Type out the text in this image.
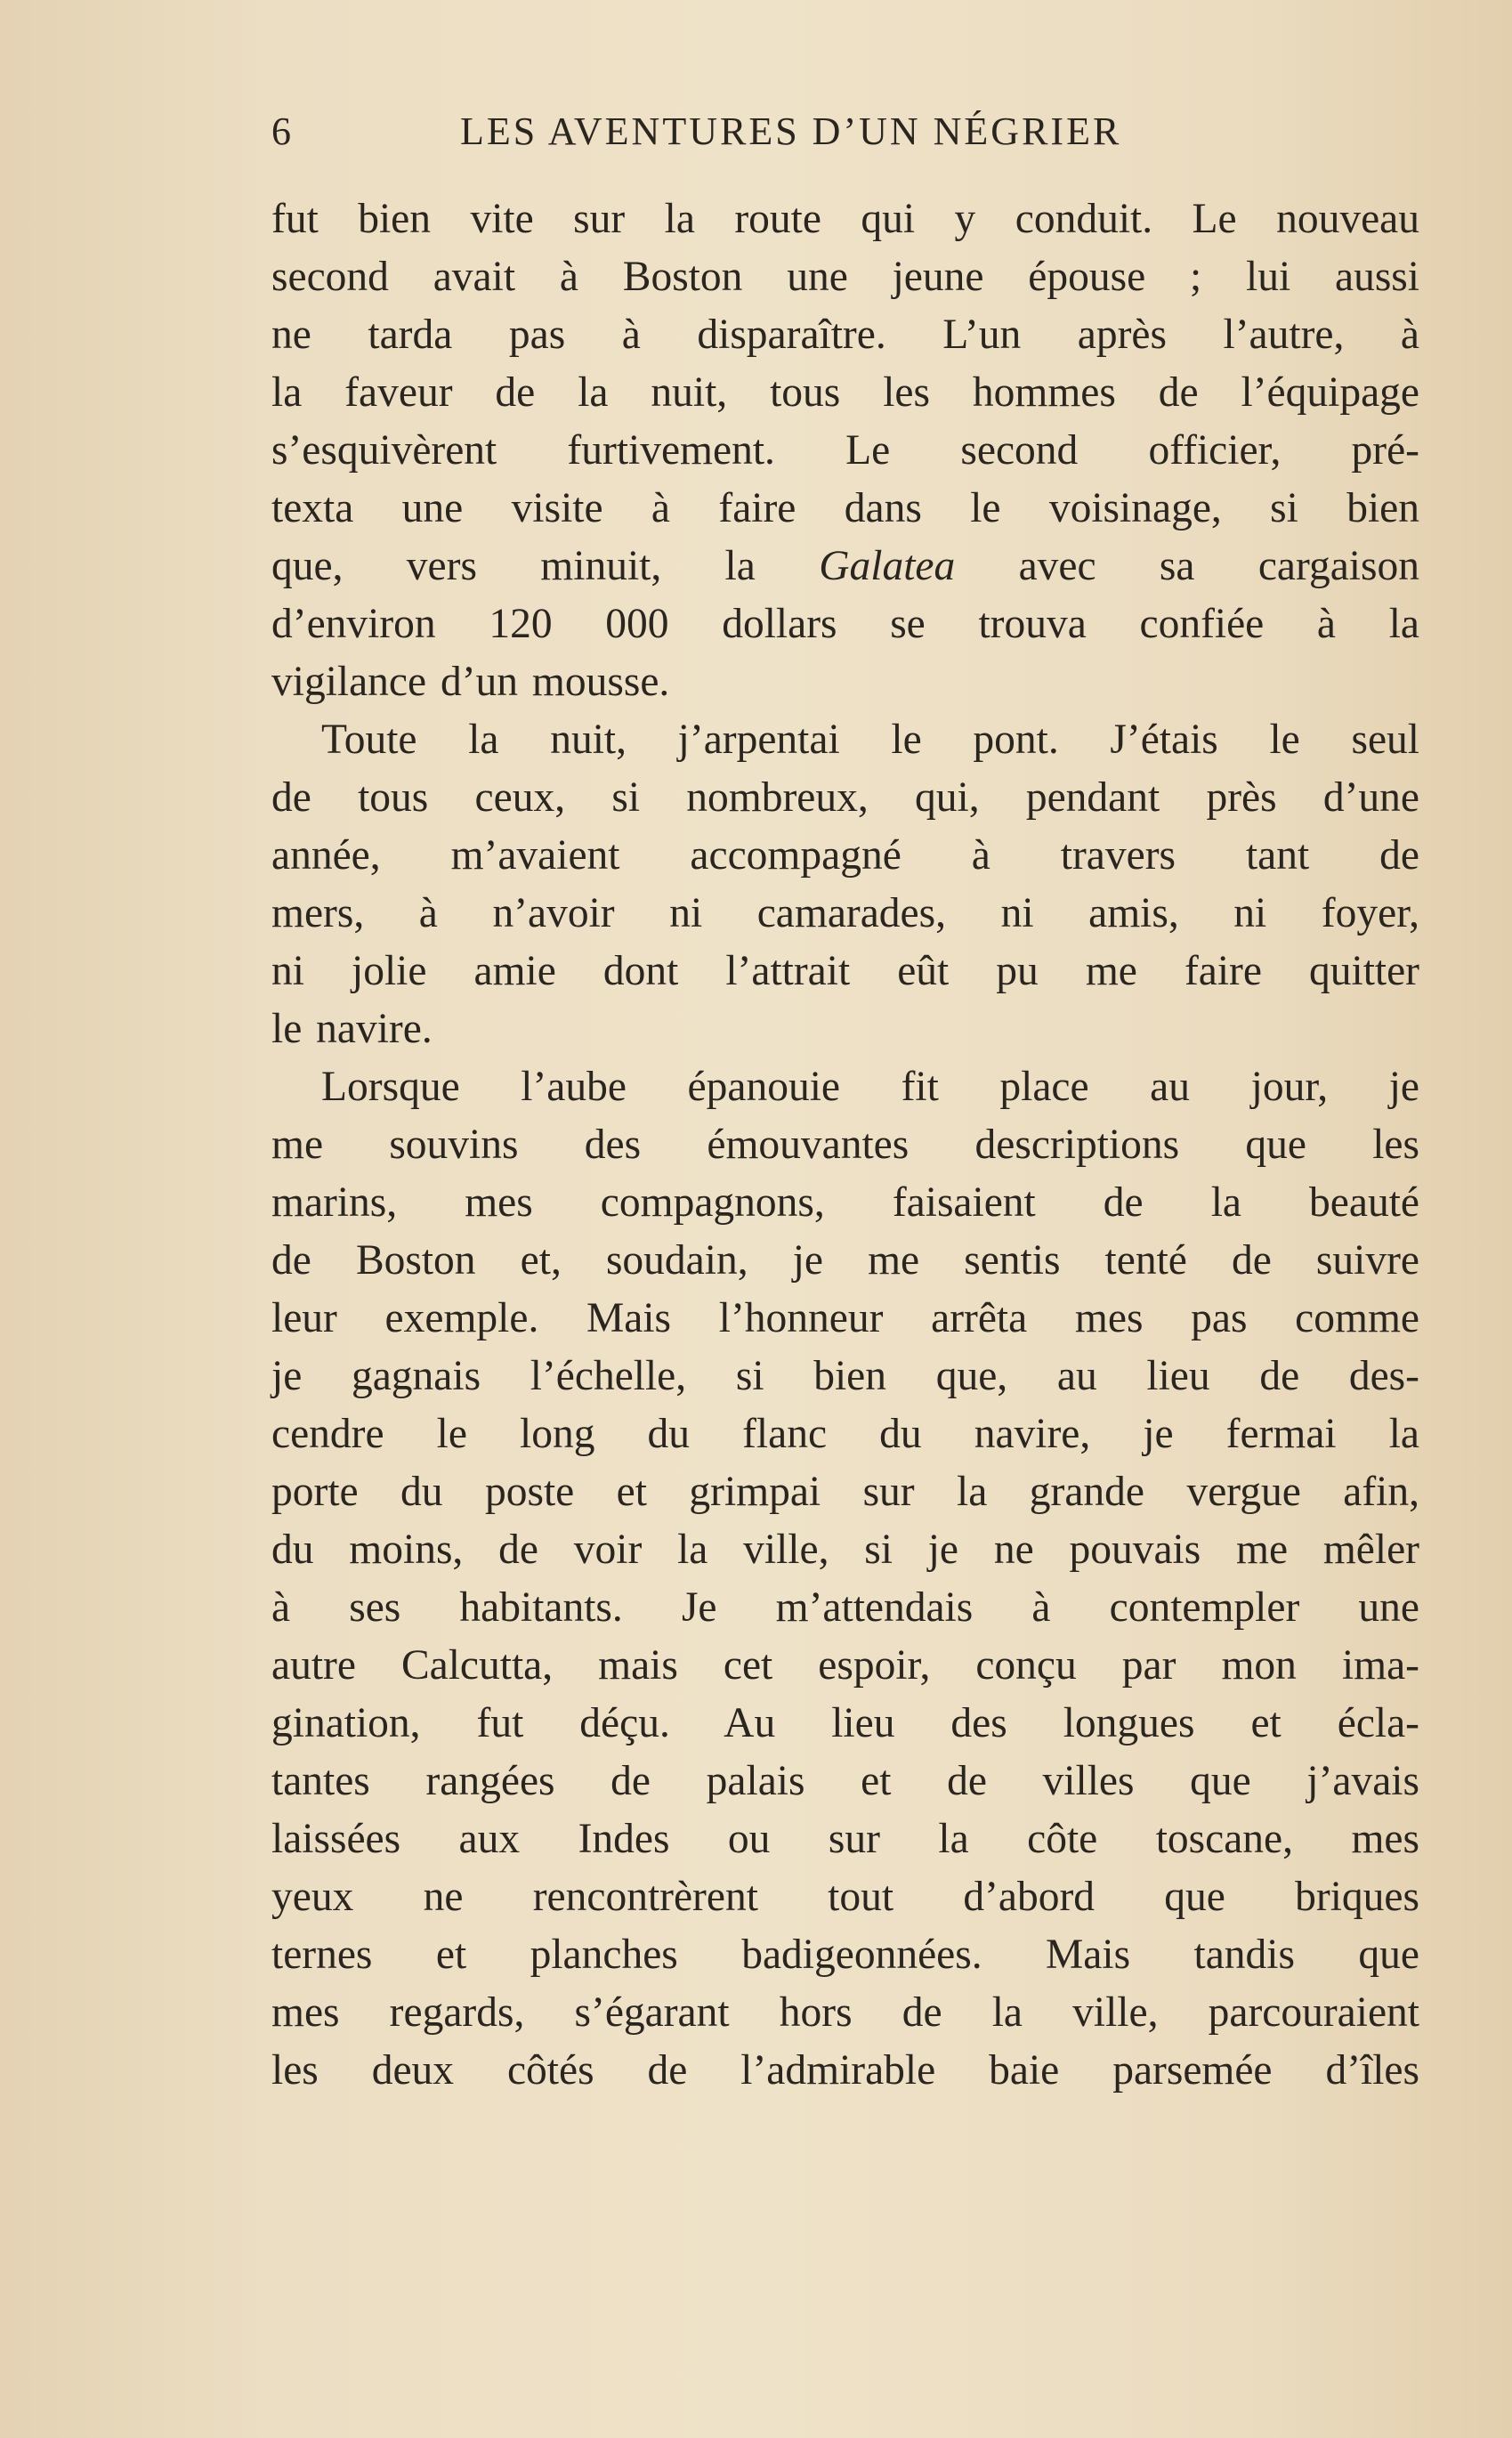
6	LES AVENTURES D’UN NÉGRIER
fut bien vite sur la route qui y conduit. Le nouveau
second avait à Boston une jeune épouse ; lui aussi
ne tarda pas à disparaître. L’un après l’autre, à
la faveur de la nuit, tous les hommes de l’équipage
s’esquivèrent furtivement. Le second officier, pré-
texta une visite à faire dans le voisinage, si bien
que, vers minuit, la Galatea avec sa cargaison
d’environ 120 000 dollars se trouva confiée à la
vigilance d’un mousse.
Toute la nuit, j’arpentai le pont. J’étais le seul
de tous ceux, si nombreux, qui, pendant près d’une
année, m’avaient accompagné à travers tant de
mers, à n’avoir ni camarades, ni amis, ni foyer,
ni jolie amie dont l’attrait eût pu me faire quitter
le navire.
Lorsque l’aube épanouie fit place au jour, je
me souvins des émouvantes descriptions que les
marins, mes compagnons, faisaient de la beauté
de Boston et, soudain, je me sentis tenté de suivre
leur exemple. Mais l’honneur arrêta mes pas comme
je gagnais l’échelle, si bien que, au lieu de des-
cendre le long du flanc du navire, je fermai la
porte du poste et grimpai sur la grande vergue afin,
du moins, de voir la ville, si je ne pouvais me mêler
à ses habitants. Je m’attendais à contempler une
autre Calcutta, mais cet espoir, conçu par mon ima-
gination, fut déçu. Au lieu des longues et écla-
tantes rangées de palais et de villes que j’avais
laissées aux Indes ou sur la côte toscane, mes
yeux ne rencontrèrent tout d’abord que briques
ternes et planches badigeonnées. Mais tandis que
mes regards, s’égarant hors de la ville, parcouraient
les deux côtés de l’admirable baie parsemée d’îles
